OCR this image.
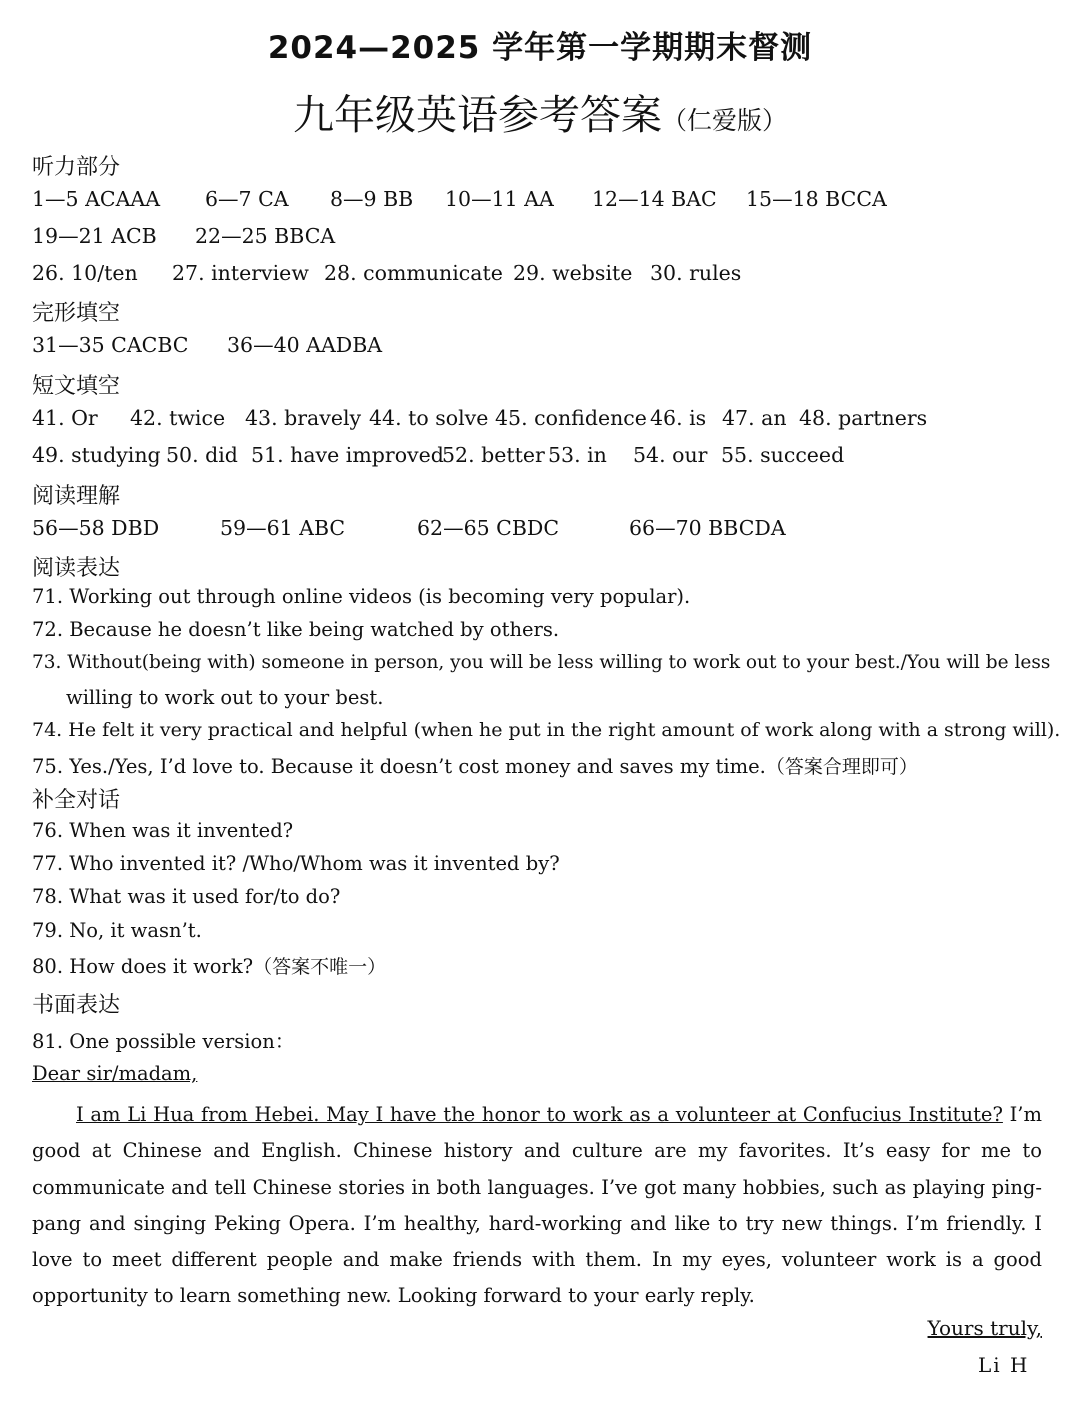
2024—2025 学年第一学期期末督测
九年级英语参考答案（仁爱版）
听力部分
1—5 ACAAA 6—7 CA 8—9 BB 10—11 AA 12—14 BAC 15—18 BCCA
19—21 ACB 22—25 BBCA
26. 10/ten 27. interview 28. communicate 29. website 30. rules
完形填空
31—35 CACBC 36—40 AADBA
短文填空
41. Or 42. twice 43. bravely 44. to solve 45. confidence 46. is 47. an 48. partners
49. studying 50. did 51. have improved
52. better 53. in 54. our 55. succeed
阅读理解
56—58 DBD	59—61 ABC	62—65 CBDC	66—70 BBCDA
阅读表达
71. Working out through online videos (is becoming very popular).
72. Because he doesn’t like being watched by others.
73. Without(being with) someone in person, you will be less willing to work out to your best./You will be less
willing to work out to your best.
74. He felt it very practical and helpful (when he put in the right amount of work along with a strong will).
75. Yes./Yes, I’d love to. Because it doesn’t cost money and saves my time.（答案合理即可）
补全对话
76. When was it invented?
77. Who invented it? /Who/Whom was it invented by?
78. What was it used for/to do?
79. No, it wasn’t.
80. How does it work?（答案不唯一）
书面表达
81. One possible version：
Dear sir/madam,

I am Li Hua from Hebei. May I have the honor to work as a volunteer at Confucius Institute? I’m good at Chinese and English. Chinese history and culture are my favorites. It’s easy for me to communicate and tell Chinese stories in both languages. I’ve got many hobbies, such as playing ping-pang and singing Peking Opera. I’m healthy, hard-working and like to try new things. I’m friendly. I love to meet different people and make friends with them. In my eyes, volunteer work is a good opportunity to learn something new. Looking forward to your early reply.

Yours truly,
Li H
